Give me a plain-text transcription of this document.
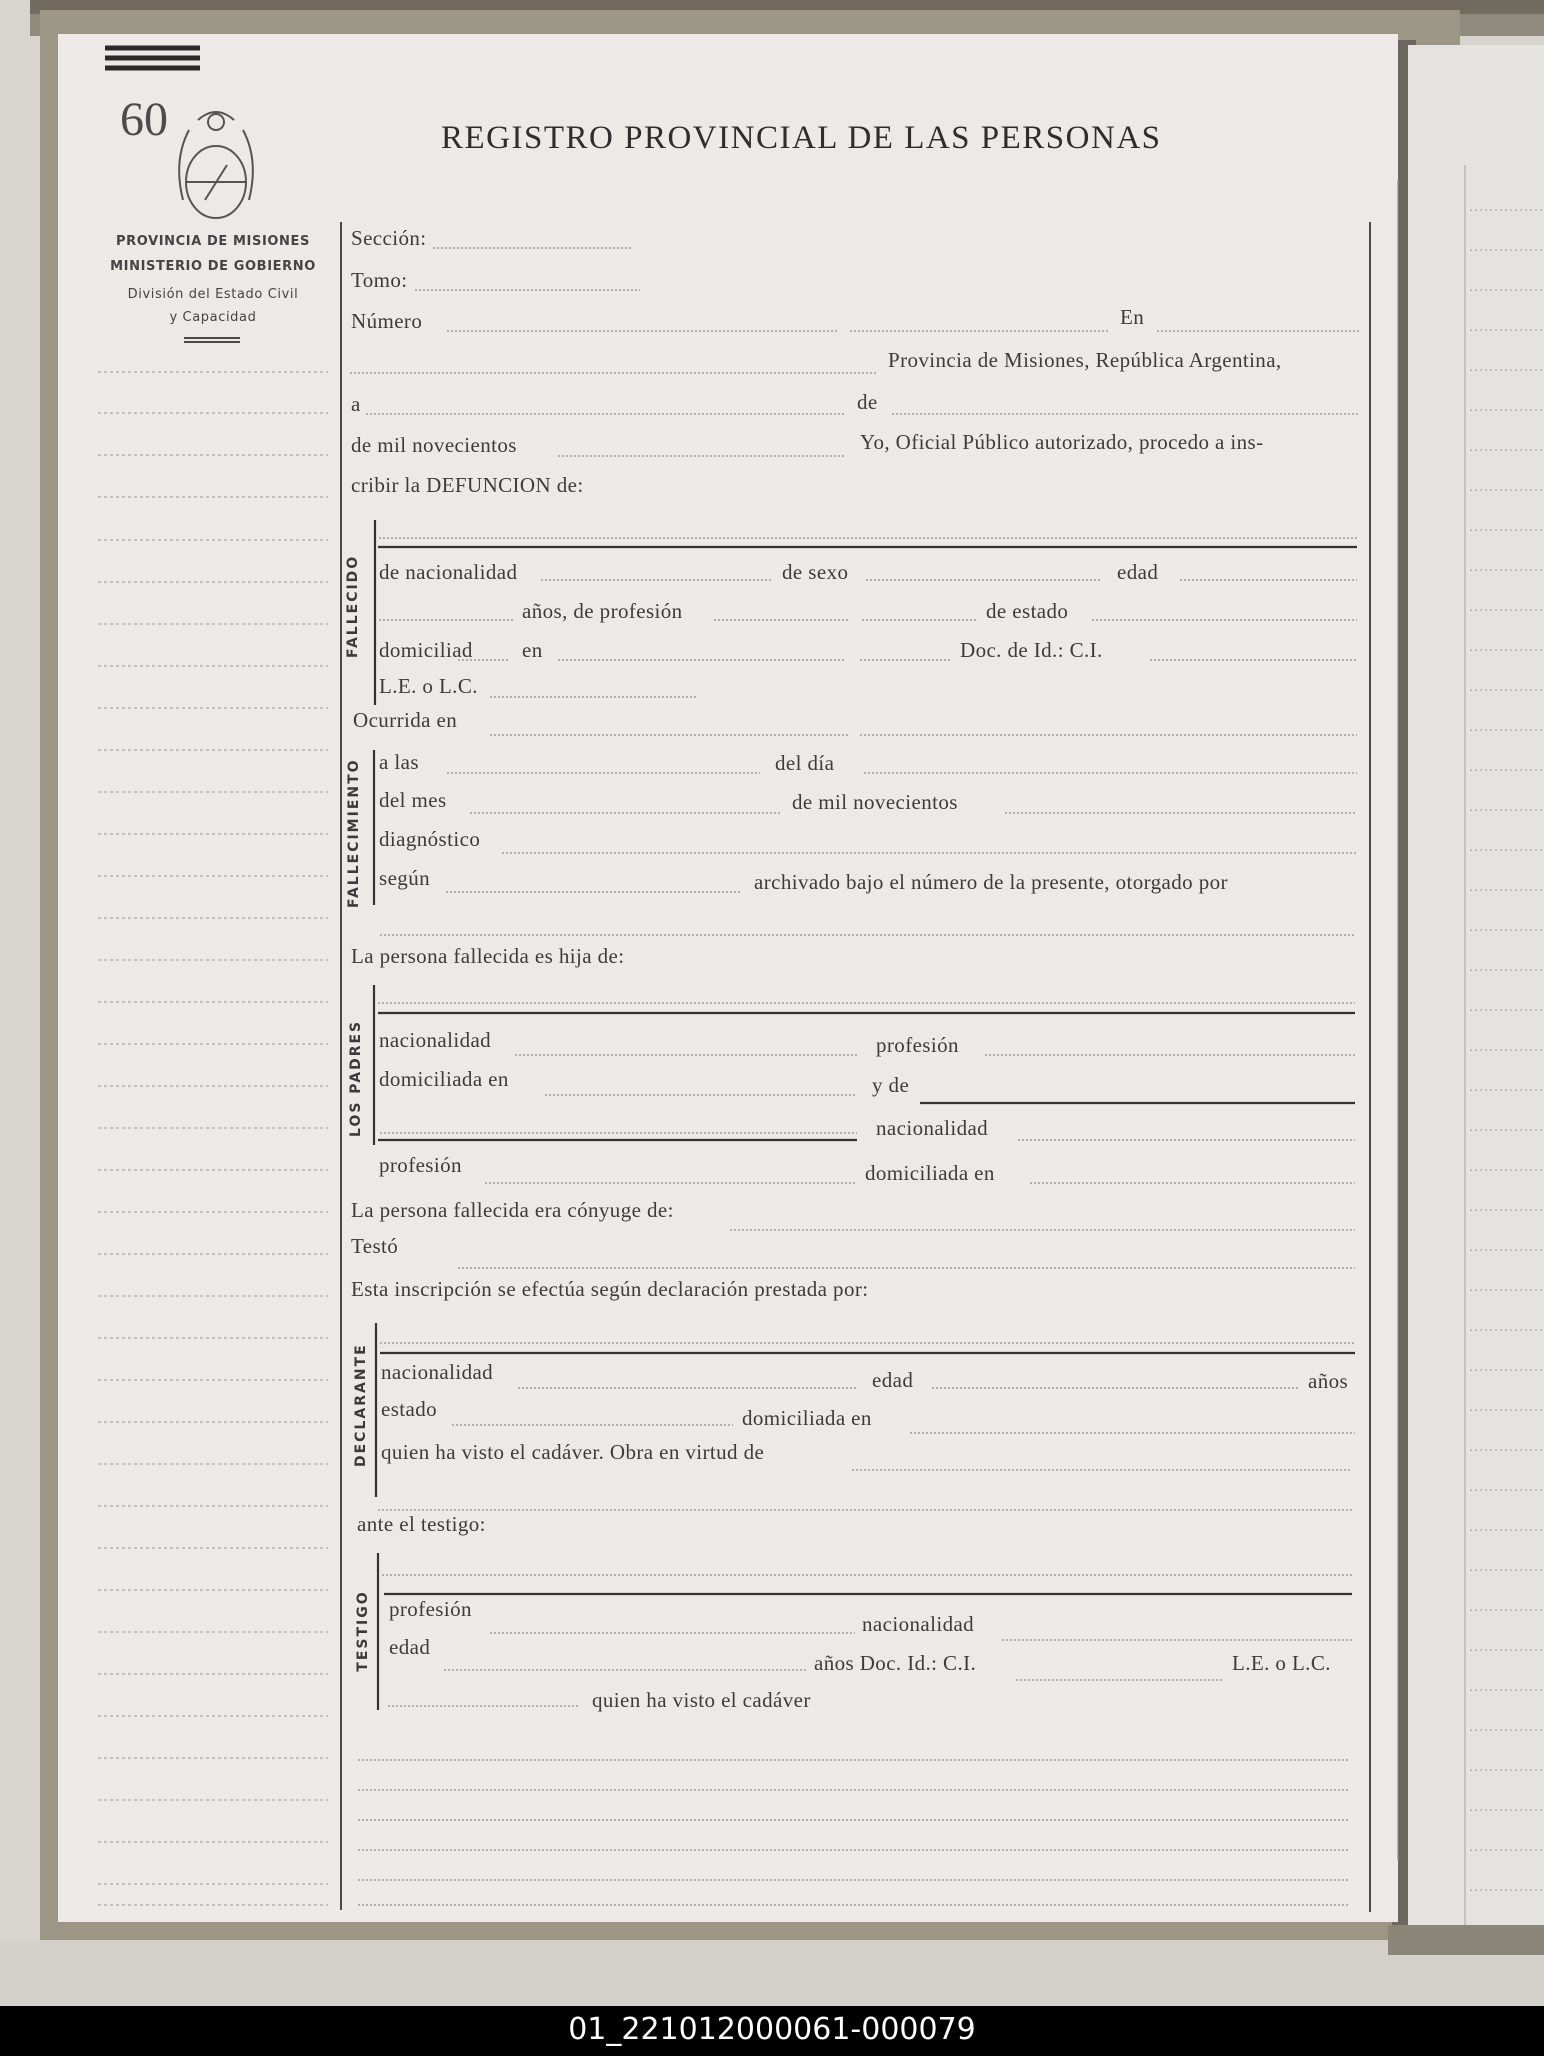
60	REGISTRO PROVINCIAL DE LAS PERSONAS
PROVINCIA DE MISIONES
MINISTERIO DE GOBIERNO
División del Estado Civil
y Capacidad
FALLECIDO
FALLECIMIENTO
LOS PADRES
DECLARANTE
TESTIGO
Sección:
Tomo:
Número	En
Provincia de Misiones, República Argentina,
a	de
de mil novecientos	Yo, Oficial Público autorizado, procedo a ins-
cribir la DEFUNCION de:
de nacionalidad	de sexo	edad
años, de profesión	de estado
domiciliad en	Doc. de Id.: C.I.
L.E. o L.C.
Ocurrida en
a las	del día
del mes	de mil novecientos
diagnóstico
según	archivado bajo el número de la presente, otorgado por
La persona fallecida es hija de:
nacionalidad	profesión
domiciliada en	y de
nacionalidad
profesión	domiciliada en
La persona fallecida era cónyuge de:
Testó
Esta inscripción se efectúa según declaración prestada por:
nacionalidad	edad	años
estado	domiciliada en
quien ha visto el cadáver. Obra en virtud de
ante el testigo:
profesión
nacionalidad
edad
años Doc. Id.: C.I.	L.E. o L.C.
quien ha visto el cadáver
01_221012000061-000079
